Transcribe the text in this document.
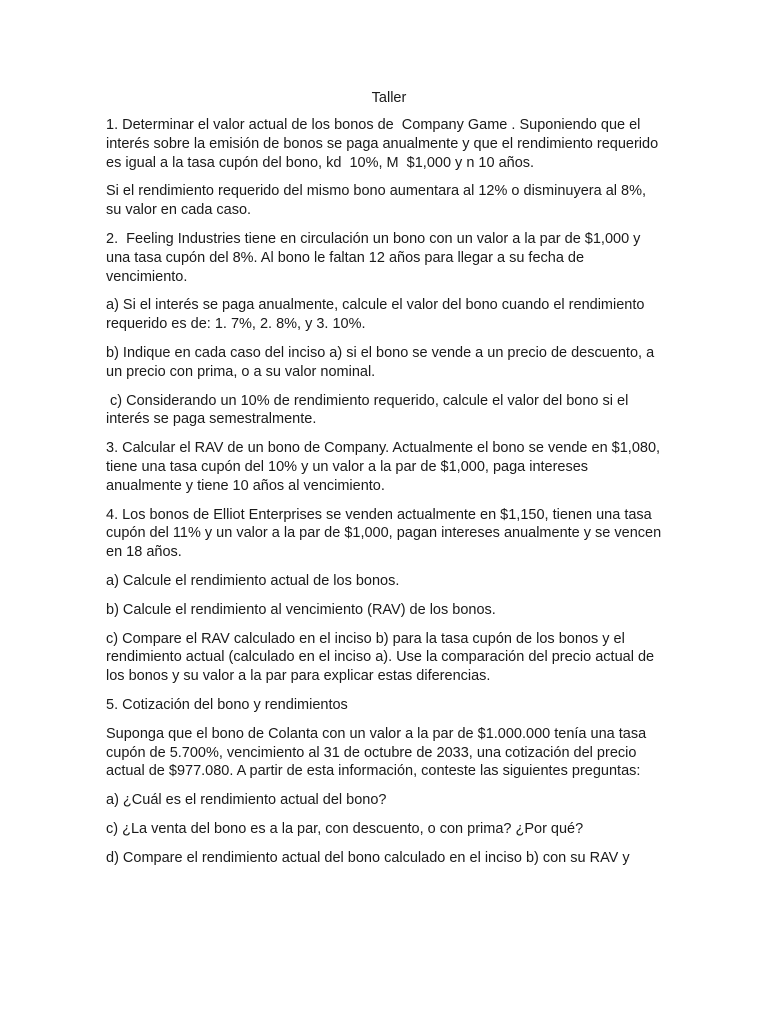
Taller
1. Determinar el valor actual de los bonos de  Company Game . Suponiendo que el interés sobre la emisión de bonos se paga anualmente y que el rendimiento requerido es igual a la tasa cupón del bono, kd  10%, M  $1,000 y n 10 años.
Si el rendimiento requerido del mismo bono aumentara al 12% o disminuyera al 8%, su valor en cada caso.
2.  Feeling Industries tiene en circulación un bono con un valor a la par de $1,000 y una tasa cupón del 8%. Al bono le faltan 12 años para llegar a su fecha de vencimiento.
a) Si el interés se paga anualmente, calcule el valor del bono cuando el rendimiento requerido es de: 1. 7%, 2. 8%, y 3. 10%.
b) Indique en cada caso del inciso a) si el bono se vende a un precio de descuento, a un precio con prima, o a su valor nominal.
c) Considerando un 10% de rendimiento requerido, calcule el valor del bono si el interés se paga semestralmente.
3. Calcular el RAV de un bono de Company. Actualmente el bono se vende en $1,080, tiene una tasa cupón del 10% y un valor a la par de $1,000, paga intereses anualmente y tiene 10 años al vencimiento.
4. Los bonos de Elliot Enterprises se venden actualmente en $1,150, tienen una tasa cupón del 11% y un valor a la par de $1,000, pagan intereses anualmente y se vencen en 18 años.
a) Calcule el rendimiento actual de los bonos.
b) Calcule el rendimiento al vencimiento (RAV) de los bonos.
c) Compare el RAV calculado en el inciso b) para la tasa cupón de los bonos y el rendimiento actual (calculado en el inciso a). Use la comparación del precio actual de los bonos y su valor a la par para explicar estas diferencias.
5. Cotización del bono y rendimientos
Suponga que el bono de Colanta con un valor a la par de $1.000.000 tenía una tasa cupón de 5.700%, vencimiento al 31 de octubre de 2033, una cotización del precio actual de $977.080. A partir de esta información, conteste las siguientes preguntas:
a) ¿Cuál es el rendimiento actual del bono?
c) ¿La venta del bono es a la par, con descuento, o con prima? ¿Por qué?
d) Compare el rendimiento actual del bono calculado en el inciso b) con su RAV y
